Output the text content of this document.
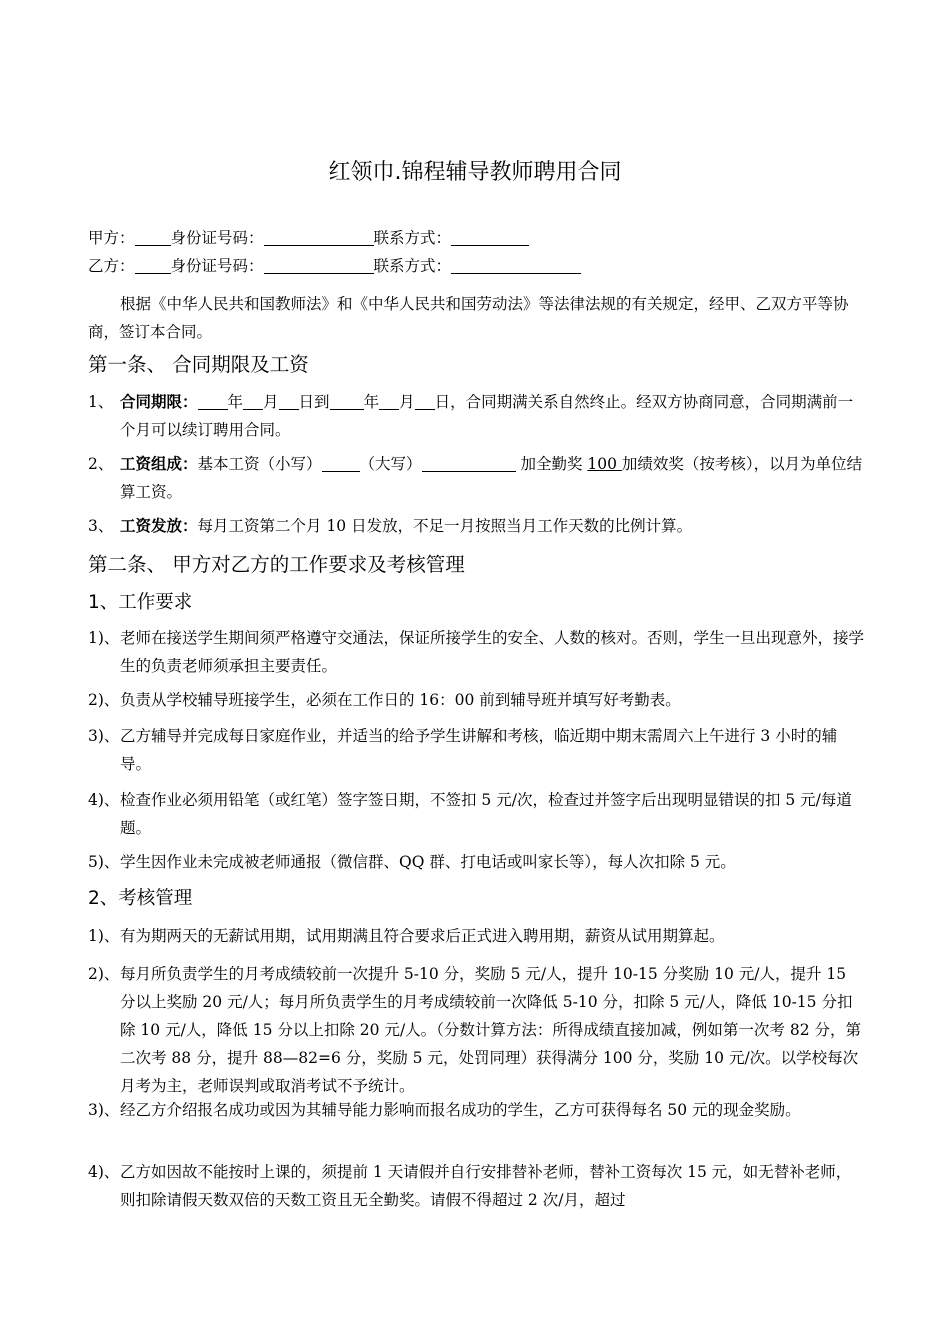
红领巾.锦程辅导教师聘用合同
甲方： 身份证号码：	联系方式：
乙方： 身份证号码：	联系方式：
根据《中华人民共和国教师法》和《中华人民共和国劳动法》等法律法规的有关规定，经甲、乙双方平等协商，签订本合同。
第一条、 合同期限及工资
1、 合同期限： 年 月 日到 年 月 日，合同期满关系自然终止。经双方协商同意，合同期满前一个月可以续订聘用合同。
2、 工资组成：基本工资（小写） （大写）	加全勤奖 100 加绩效奖（按考核），以月为单位结算工资。
3、 工资发放：每月工资第二个月 10 日发放，不足一月按照当月工作天数的比例计算。
第二条、 甲方对乙方的工作要求及考核管理
1、工作要求
1)、 老师在接送学生期间须严格遵守交通法，保证所接学生的安全、人数的核对。否则，学生一旦出现意外，接学生的负责老师须承担主要责任。
2)、 负责从学校辅导班接学生，必须在工作日的 16：00 前到辅导班并填写好考勤表。
3)、 乙方辅导并完成每日家庭作业，并适当的给予学生讲解和考核，临近期中期末需周六上午进行 3 小时的辅导。
4)、 检查作业必须用铅笔（或红笔）签字签日期，不签扣 5 元/次，检查过并签字后出现明显错误的扣 5 元/每道题。
5)、 学生因作业未完成被老师通报（微信群、QQ 群、打电话或叫家长等），每人次扣除 5 元。
2、考核管理
1)、 有为期两天的无薪试用期，试用期满且符合要求后正式进入聘用期，薪资从试用期算起。
2)、 每月所负责学生的月考成绩较前一次提升 5-10 分，奖励 5 元/人，提升 10-15 分奖励 10 元/人，提升 15 分以上奖励 20 元/人；每月所负责学生的月考成绩较前一次降低 5-10 分，扣除 5 元/人，降低 10-15 分扣除 10 元/人，降低 15 分以上扣除 20 元/人。（分数计算方法：所得成绩直接加减，例如第一次考 82 分，第二次考 88 分，提升 88—82=6 分，奖励 5 元，处罚同理）获得满分 100 分，奖励 10 元/次。以学校每次月考为主，老师误判或取消考试不予统计。
3)、 经乙方介绍报名成功或因为其辅导能力影响而报名成功的学生，乙方可获得每名 50 元的现金奖励。
4)、 乙方如因故不能按时上课的，须提前 1 天请假并自行安排替补老师，替补工资每次 15 元，如无替补老师，则扣除请假天数双倍的天数工资且无全勤奖。请假不得超过 2 次/月，超过
